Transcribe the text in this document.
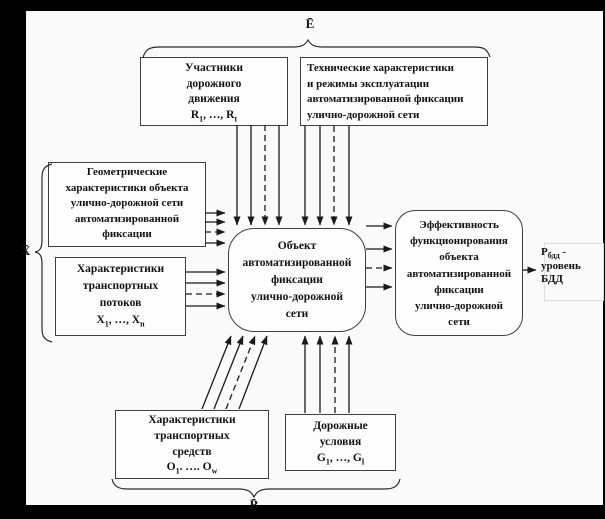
Ē
X̄
B̄
Участники
дорожного
движения
$R_1$, …, $R_t$
Технические характеристики
и режимы эксплуатации
автоматизированной фиксации
улично-дорожной сети
Геометрические
характеристики объекта
улично-дорожной сети
автоматизированной
фиксации
Характеристики
транспортных
потоков
$X_1$, …, $X_n$
Объект
автоматизированной
фиксации
улично-дорожной
сети
Эффективность
функционирования
объекта
автоматизированной
фиксации
улично-дорожной
сети
Характеристики
транспортных
средств
$O_1$. …. $O_w$
Дорожные
условия
$G_1$, …, $G_l$
$P_{бдд}$ -
уровень
БДД
